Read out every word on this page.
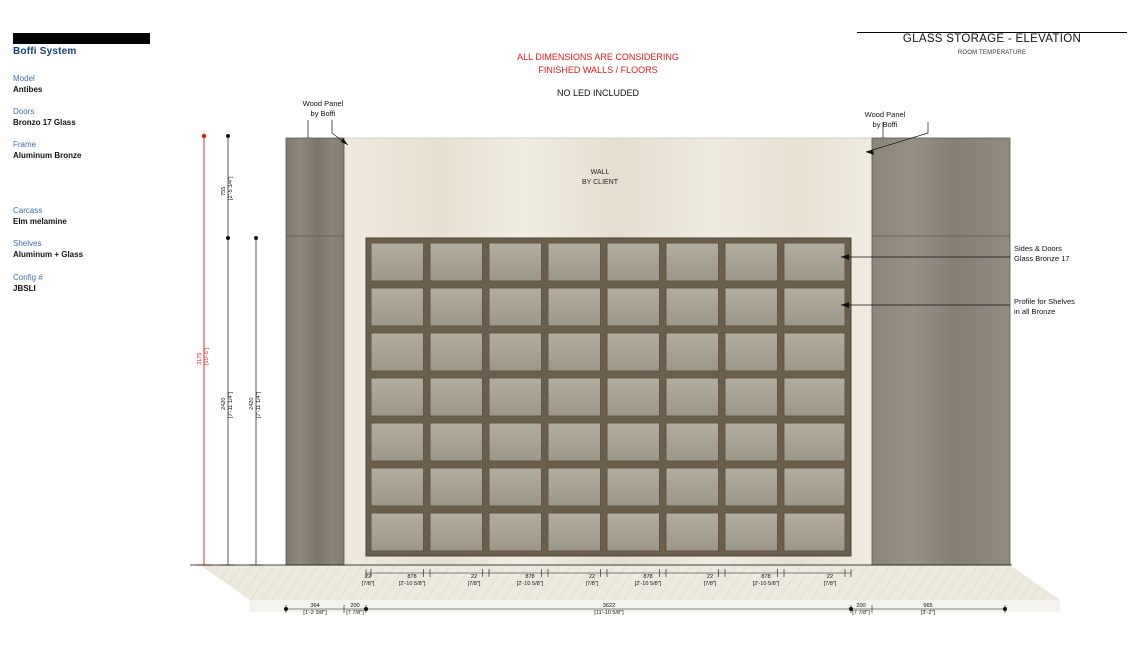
Boffi System
Model
Antibes
Doors
Bronzo 17 Glass
Frame
Aluminum Bronze
Carcass
Elm melamine
Shelves
Aluminum + Glass
Config #
JBSLI
GLASS STORAGE - ELEVATION
ROOM TEMPERATURE
ALL DIMENSIONS ARE CONSIDERING
FINISHED WALLS / FLOORS
NO LED INCLUDED
Wood Panel
by Boffi	Wood Panel
by Boffi
WALL
BY CLIENT
Sides & Doors
Glass Bronze 17
Profile for Shelves
in all Bronze
3175 [10'-5"]
755 [2'-5 3/4"]
2420 [7'-11 1/4"]	2420 [7'-11 1/4"]
22
[7/8"]
878
[2'-10 5/8"]
22
[7/8"]
878
[2'-10 5/8"]
22
[7/8"]
878
[2'-10 5/8"]
22
[7/8"]
878
[2'-10 5/8"]
22
[7/8"]
364
[1'-2 3/8"]
200
[7 7/8"]
3622
[11'-10 5/8"]
200
[7 7/8"]
965
[3'-2"]
